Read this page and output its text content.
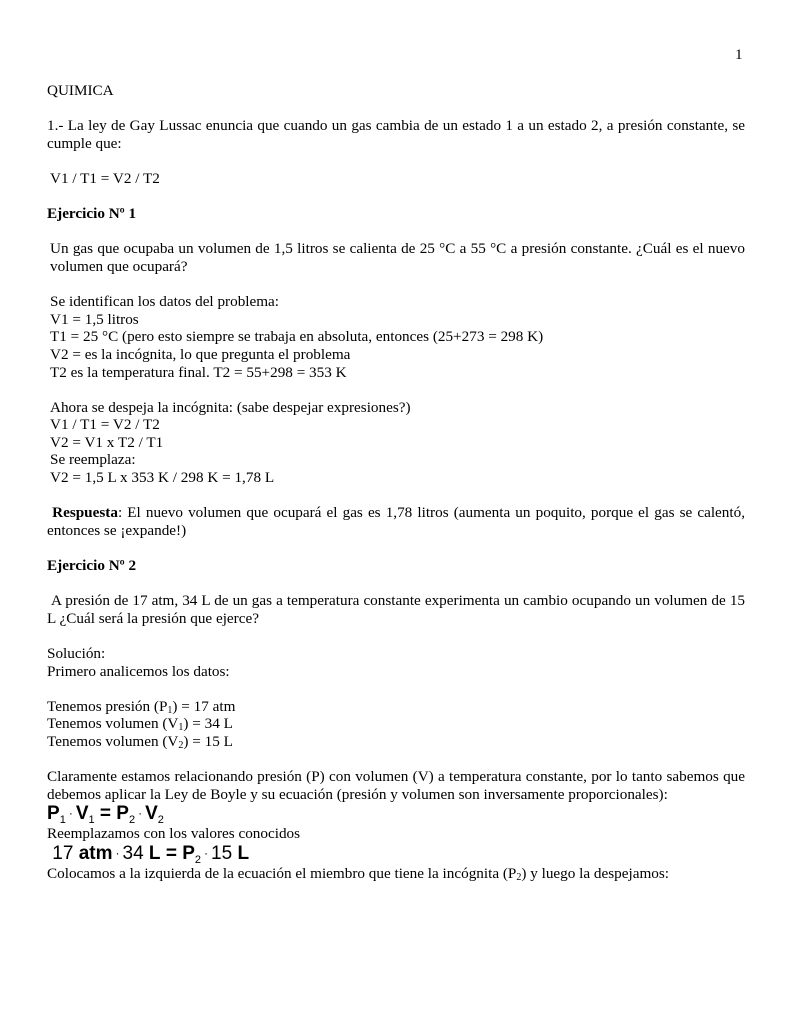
1

QUIMICA

1.- La ley de Gay Lussac enuncia que cuando un gas cambia de un estado 1 a un estado 2, a presión constante, se cumple que:

V1 / T1 = V2 / T2

Ejercicio Nº 1

Un gas que ocupaba un volumen de 1,5 litros se calienta de 25 °C a 55 °C a presión constante. ¿Cuál es el nuevo volumen que ocupará?

Se identifican los datos del problema:

V1 = 1,5 litros

T1 = 25 °C (pero esto siempre se trabaja en absoluta, entonces (25+273 = 298 K)

V2 = es la incógnita, lo que pregunta el problema

T2 es la temperatura final. T2 = 55+298 = 353 K

Ahora se despeja la incógnita: (sabe despejar expresiones?)

V1 / T1 = V2 / T2

V2 = V1 x T2 / T1

Se reemplaza:

V2 = 1,5 L x 353 K / 298 K = 1,78 L

Respuesta: El nuevo volumen que ocupará el gas es 1,78 litros (aumenta un poquito, porque el gas se calentó, entonces se ¡expande!)

Ejercicio Nº 2

A presión de 17 atm, 34 L de un gas a temperatura constante experimenta un cambio ocupando un volumen de 15 L ¿Cuál será la presión que ejerce?

Solución:

Primero analicemos los datos:

Tenemos presión $(P_1) = 17$ atm

Tenemos volumen $(V_1) = 34$ L

Tenemos volumen $(V_2) = 15$ L

Claramente estamos relacionando presión (P) con volumen (V) a temperatura constante, por lo tanto sabemos que debemos aplicar la Ley de Boyle y su ecuación (presión y volumen son inversamente proporcionales):

$P_1 \cdot V_1 = P_2 \cdot V_2$

Reemplazamos con los valores conocidos

17 atm · 34 $L = P_2 \cdot 15$ L

Colocamos a la izquierda de la ecuación el miembro que tiene la incógnita $(P_2)$ y luego la despejamos:
